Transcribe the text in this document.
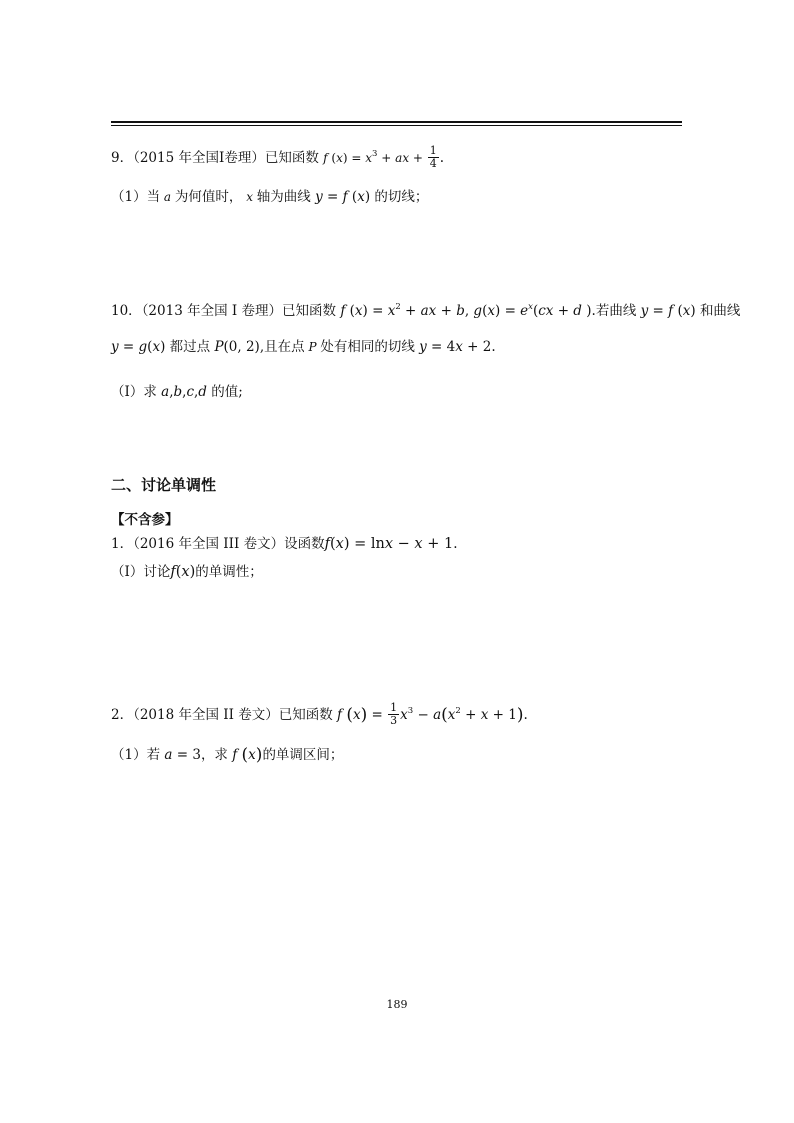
9．（2015 年全国Ⅰ卷理）已知函数 f $(x) = x^3$ + ax + $\frac{1}{4}$ .
（1）当 a 为何值时， x 轴为曲线 y = f (x) 的切线；
10．（2013 年全国 I 卷理）已知函数 f $(x) = x^2$ + ax + b, $g(x) = e^x(cx + d$ ).若曲线 y = f (x) 和曲线
y = g(x) 都过点 P(0, 2),且在点 P 处有相同的切线 y = 4x + 2.
（I）求 a,b,c,d 的值;
二、讨论单调性
【不含参】
1．（2016 年全国 III 卷文）设函数f(x) = lnx − x + 1.
（I）讨论f(x)的单调性；
2．（2018 年全国 II 卷文）已知函数 f $(x) = \frac{1}{3} x^3 - a(x^2 + x + 1)$.
（1）若 a = 3，求 f (x)的单调区间；
189
